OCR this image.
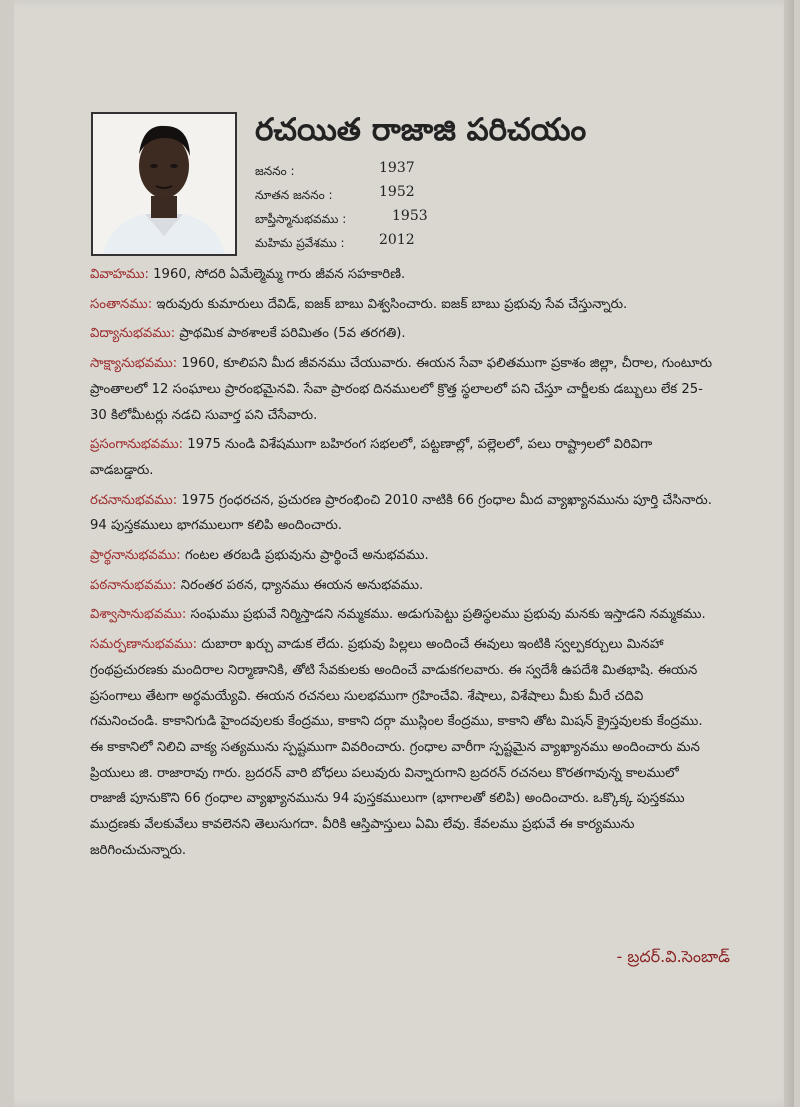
రచయిత రాజాజి పరిచయం
జననం :	1937
నూతన జననం :	1952
బాప్తీస్మానుభవము :	1953
మహిమ ప్రవేశము : 2012

వివాహము: 1960, సోదరి ఏమేల్మెమ్మ గారు జీవన సహకారిణి.

సంతానము: ఇరువురు కుమారులు దేవిడ్, ఐజక్ బాబు విశ్వసించారు. ఐజక్ బాబు ప్రభువు సేవ చేస్తున్నారు.

విద్యానుభవము: ప్రాథమిక పాఠశాలకే పరిమితం (5వ తరగతి).

సాక్ష్యానుభవము: 1960, కూలిపని మీద జీవనము చేయువారు. ఈయన సేవా ఫలితముగా ప్రకాశం జిల్లా, చీరాల, గుంటూరు ప్రాంతాలలో 12 సంఘాలు ప్రారంభమైనవి. సేవా ప్రారంభ దినములలో క్రొత్త స్థలాలలో పని చేస్తూ చార్జీలకు డబ్బులు లేక 25-30 కిలోమీటర్లు నడచి సువార్త పని చేసేవారు.

ప్రసంగానుభవము: 1975 నుండి విశేషముగా బహిరంగ సభలలో, పట్టణాల్లో, పల్లెలలో, పలు రాష్ట్రాలలో విరివిగా వాడబడ్డారు.

రచనానుభవము: 1975 గ్రంధరచన, ప్రచురణ ప్రారంభించి 2010 నాటికి 66 గ్రంధాల మీద వ్యాఖ్యానమును పూర్తి చేసినారు. 94 పుస్తకములు భాగములుగా కలిపి అందించారు.

ప్రార్థనానుభవము: గంటల తరబడి ప్రభువును ప్రార్థించే అనుభవము.

పఠనానుభవము: నిరంతర పఠన, ధ్యానము ఈయన అనుభవము.

విశ్వాసానుభవము: సంఘము ప్రభువే నిర్మిస్తాడని నమ్మకము. అడుగుపెట్టు ప్రతిస్థలము ప్రభువు మనకు ఇస్తాడని నమ్మకము.

సమర్పణానుభవము: దుబారా ఖర్చు వాడుక లేదు. ప్రభువు పిల్లలు అందించే ఈవులు ఇంటికి స్వల్పకర్చులు మినహా గ్రంథప్రచురణకు మందిరాల నిర్మాణానికి, తోటి సేవకులకు అందించే వాడుకగలవారు. ఈ స్వదేశీ ఉపదేశి మితభాషి. ఈయన ప్రసంగాలు తేటగా అర్థమయ్యేవి. ఈయన రచనలు సులభముగా గ్రహించేవి. శేషాలు, విశేషాలు మీకు మీరే చదివి గమనించండి. కాకానిగుడి హైందవులకు కేంద్రము, కాకాని దర్గా ముస్లింల కేంద్రము, కాకాని తోట మిషన్ క్రైస్తవులకు కేంద్రము. ఈ కాకానిలో నిలిచి వాక్య సత్యమును స్పష్టముగా వివరించారు. గ్రంధాల వారీగా స్పష్టమైన వ్యాఖ్యానము అందించారు మన ప్రియులు జి. రాజారావు గారు. బ్రదరన్ వారి బోధలు పలువురు విన్నారుగాని బ్రదరన్ రచనలు కొరతగావున్న కాలములో రాజాజీ పూనుకొని 66 గ్రంధాల వ్యాఖ్యానమును 94 పుస్తకములుగా (భాగాలతో కలిపి) అందించారు. ఒక్కొక్క పుస్తకము ముద్రణకు వేలకువేలు కావలెనని తెలుసుగదా. వీరికి ఆస్తిపాస్తులు ఏమి లేవు. కేవలము ప్రభువే ఈ కార్యమును జరిగించుచున్నారు.

- బ్రదర్.వి.సెంబాడ్
